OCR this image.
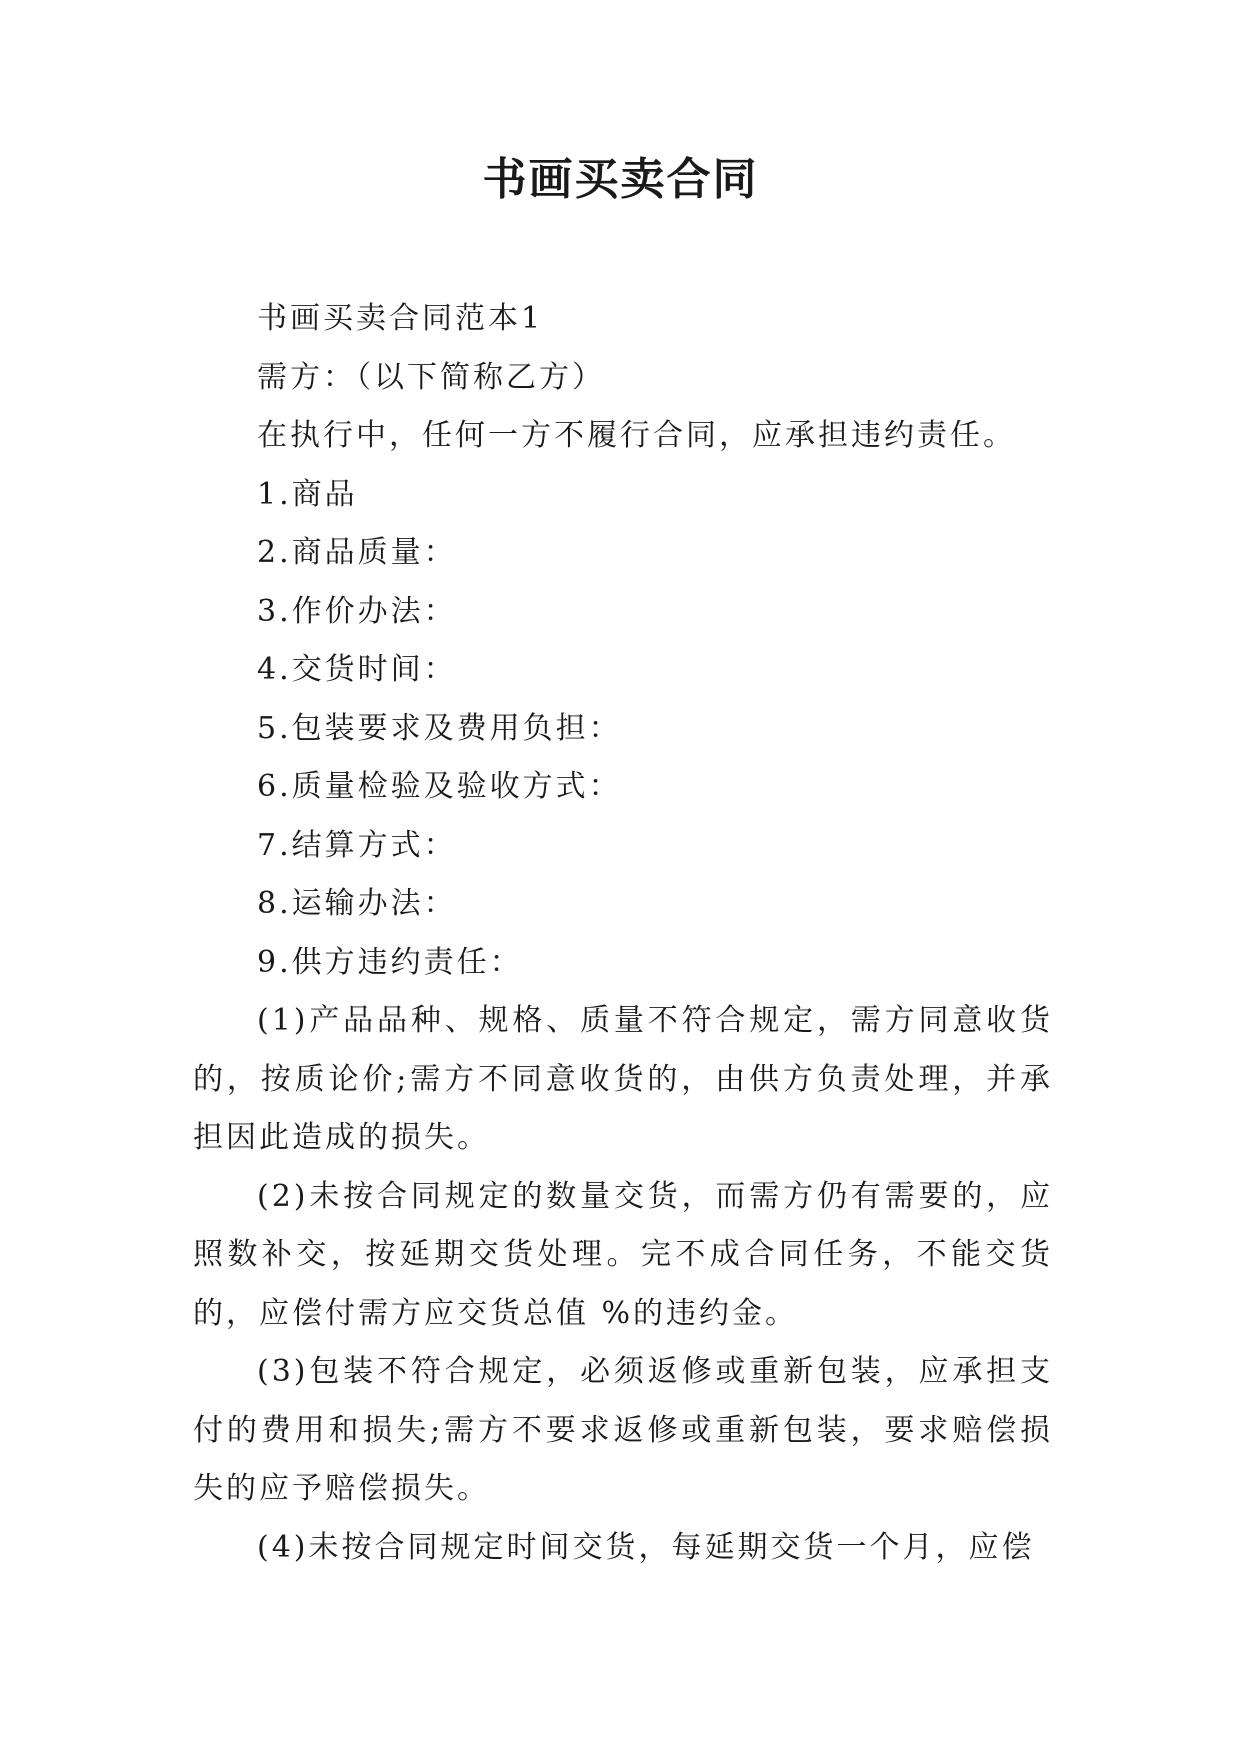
书画买卖合同

书画买卖合同范本1

需方：（以下简称乙方）

在执行中，任何一方不履行合同，应承担违约责任。

1.商品

2.商品质量：

3.作价办法：

4.交货时间：

5.包装要求及费用负担：

6.质量检验及验收方式：

7.结算方式：

8.运输办法：

9.供方违约责任：

(1)产品品种、规格、质量不符合规定，需方同意收货的，按质论价;需方不同意收货的，由供方负责处理，并承担因此造成的损失。

(2)未按合同规定的数量交货，而需方仍有需要的，应照数补交，按延期交货处理。完不成合同任务，不能交货的，应偿付需方应交货总值 %的违约金。

(3)包装不符合规定，必须返修或重新包装，应承担支付的费用和损失;需方不要求返修或重新包装，要求赔偿损失的应予赔偿损失。

(4)未按合同规定时间交货，每延期交货一个月，应偿
